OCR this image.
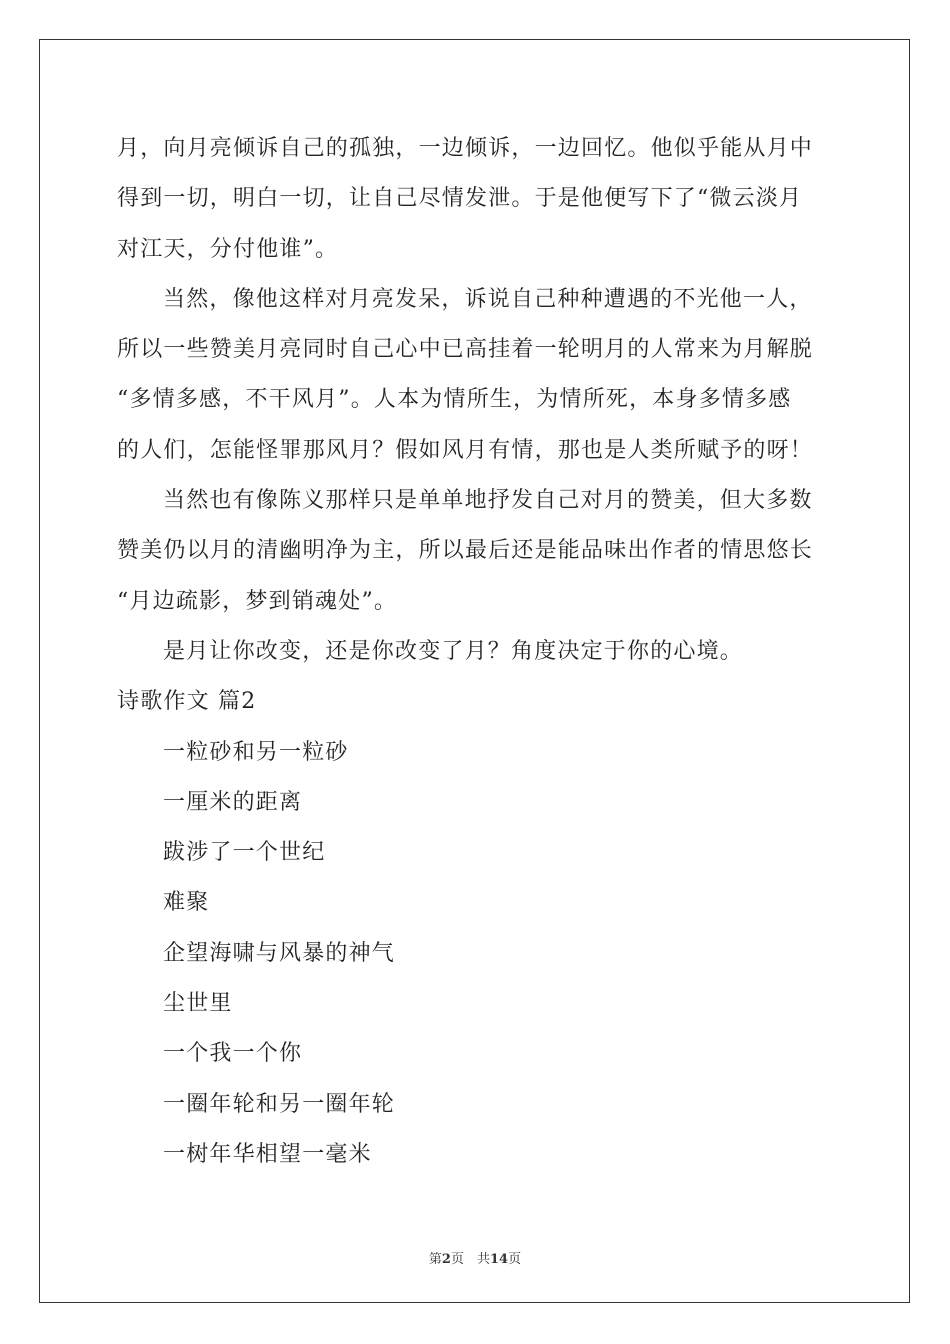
月，向月亮倾诉自己的孤独，一边倾诉，一边回忆。他似乎能从月中
得到一切，明白一切，让自己尽情发泄。于是他便写下了“微云淡月
对江天，分付他谁”。
当然，像他这样对月亮发呆，诉说自己种种遭遇的不光他一人，
所以一些赞美月亮同时自己心中已高挂着一轮明月的人常来为月解脱
“多情多感，不干风月”。人本为情所生，为情所死，本身多情多感
的人们，怎能怪罪那风月？假如风月有情，那也是人类所赋予的呀！
当然也有像陈义那样只是单单地抒发自己对月的赞美，但大多数
赞美仍以月的清幽明净为主，所以最后还是能品味出作者的情思悠长
“月边疏影，梦到销魂处”。
是月让你改变，还是你改变了月？角度决定于你的心境。
诗歌作文 篇2
一粒砂和另一粒砂
一厘米的距离
跋涉了一个世纪
难聚
企望海啸与风暴的神气
尘世里
一个我一个你
一圈年轮和另一圈年轮
一树年华相望一毫米
第2页　共14页
